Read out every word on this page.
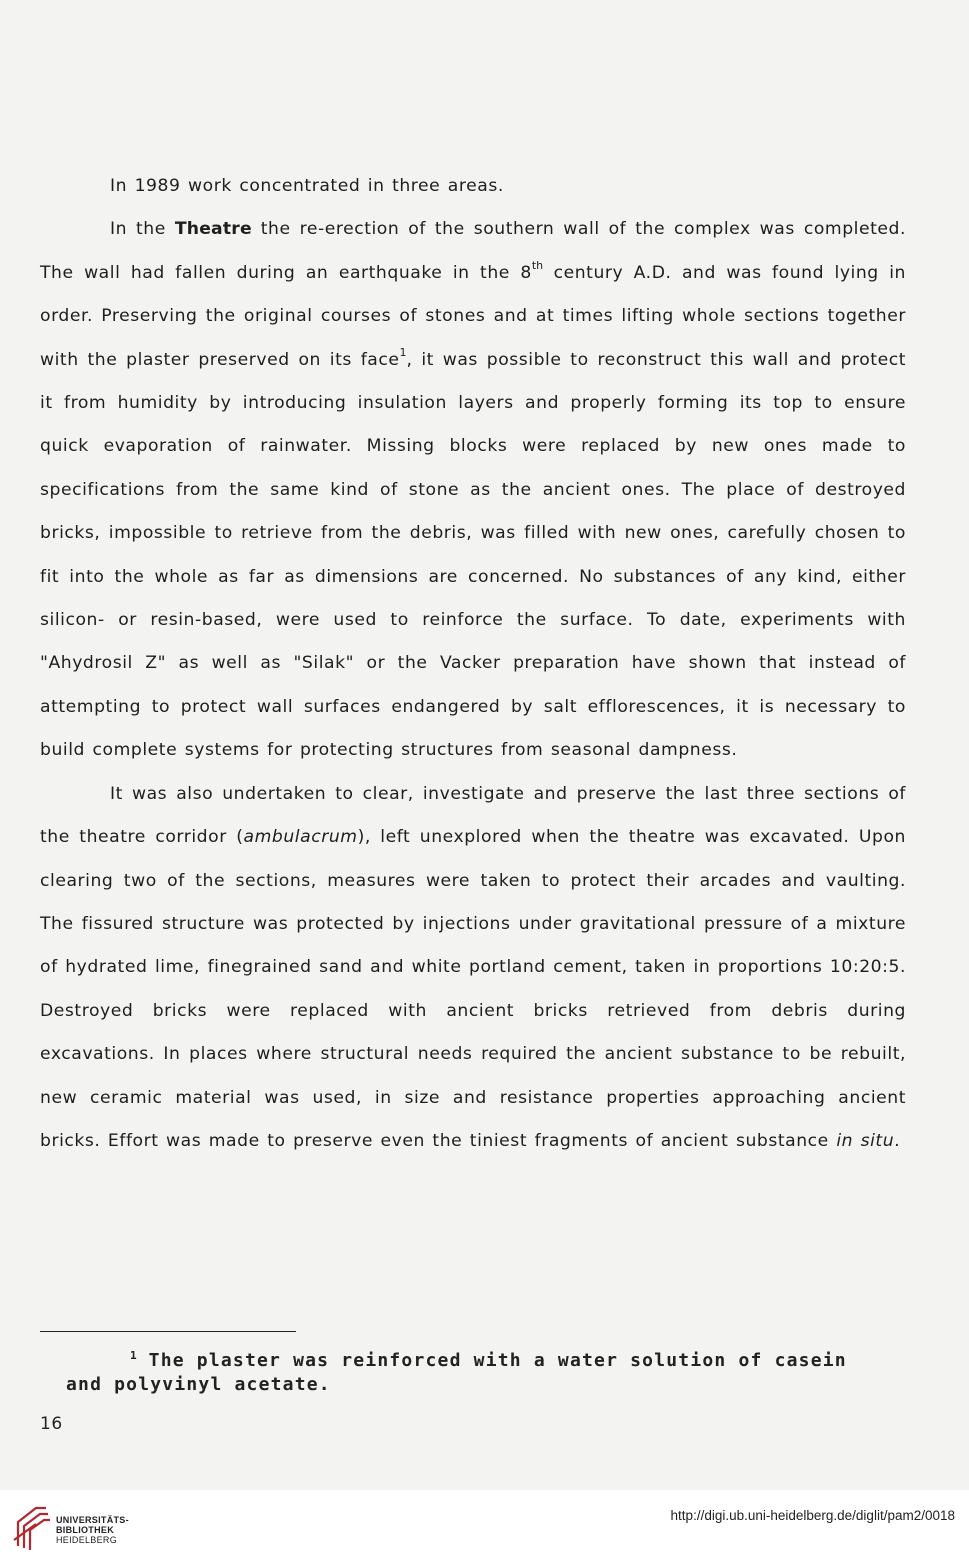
In 1989 work concentrated in three areas.

In the Theatre the re-erection of the southern wall of the complex was completed. The wall had fallen during an earthquake in the 8th century A.D. and was found lying in order. Preserving the original courses of stones and at times lifting whole sections together with the plaster preserved on its face$^1$, it was possible to reconstruct this wall and protect it from humidity by introducing insulation layers and properly forming its top to ensure quick evaporation of rainwater. Missing blocks were replaced by new ones made to specifications from the same kind of stone as the ancient ones. The place of destroyed bricks, impossible to retrieve from the debris, was filled with new ones, carefully chosen to fit into the whole as far as dimensions are concerned. No substances of any kind, either silicon- or resin-based, were used to reinforce the surface. To date, experiments with "Ahydrosil Z" as well as "Silak" or the Vacker preparation have shown that instead of attempting to protect wall surfaces endangered by salt efflorescences, it is necessary to build complete systems for protecting structures from seasonal dampness.

It was also undertaken to clear, investigate and preserve the last three sections of the theatre corridor (ambulacrum), left unexplored when the theatre was excavated. Upon clearing two of the sections, measures were taken to protect their arcades and vaulting. The fissured structure was protected by injections under gravitational pressure of a mixture of hydrated lime, finegrained sand and white portland cement, taken in proportions 10:20:5. Destroyed bricks were replaced with ancient bricks retrieved from debris during excavations. In places where structural needs required the ancient substance to be rebuilt, new ceramic material was used, in size and resistance properties approaching ancient bricks. Effort was made to preserve even the tiniest fragments of ancient substance in situ.

$^1$ The plaster was reinforced with a water solution of casein
and polyvinyl acetate.
16
UNIVERSITÄTS-
BIBLIOTHEK
HEIDELBERG
http://digi.ub.uni-heidelberg.de/diglit/pam2/0018
